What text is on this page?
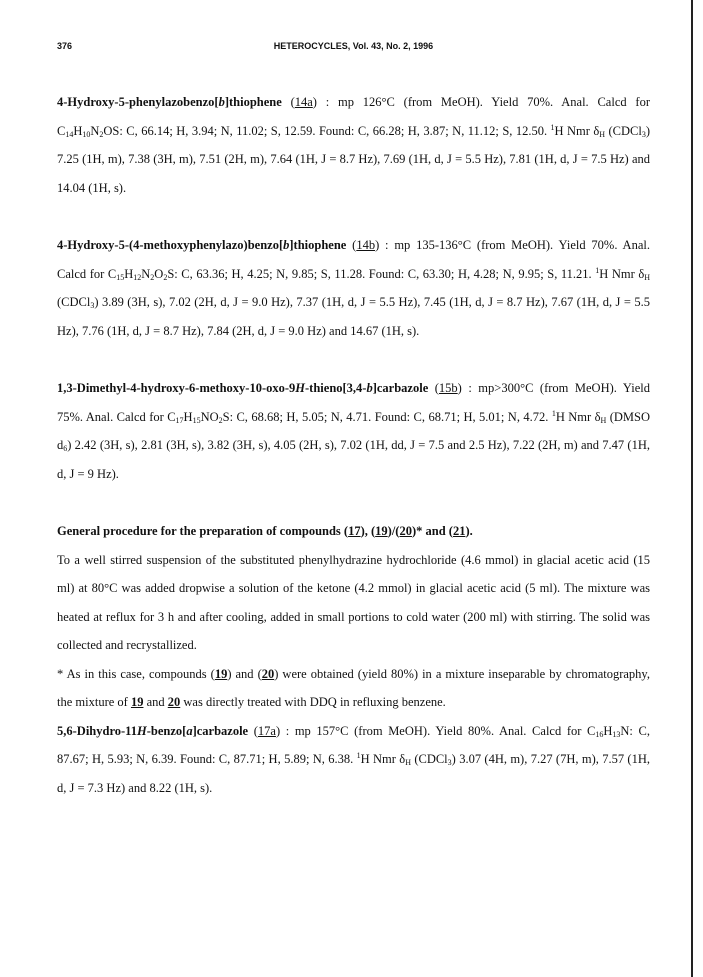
376	HETEROCYCLES, Vol. 43, No. 2, 1996

4-Hydroxy-5-phenylazobenzo[b]thiophene (14a) : mp 126°C (from MeOH). Yield 70%. Anal. Calcd for $C_{14}H_{10}N_2OS$: C, 66.14; H, 3.94; N, 11.02; S, 12.59. Found: C, 66.28; H, 3.87; N, 11.12; S, 12.50. $^1$H Nmr $\delta_H$ (CDCl$_3$) 7.25 (1H, m), 7.38 (3H, m), 7.51 (2H, m), 7.64 (1H, J = 8.7 Hz), 7.69 (1H, d, J = 5.5 Hz), 7.81 (1H, d, J = 7.5 Hz) and 14.04 (1H, s).

4-Hydroxy-5-(4-methoxyphenylazo)benzo[b]thiophene (14b) : mp 135-136°C (from MeOH). Yield 70%. Anal. Calcd for $C_{15}H_{12}N_2O_2S$: C, 63.36; H, 4.25; N, 9.85; S, 11.28. Found: C, 63.30; H, 4.28; N, 9.95; S, 11.21. $^1$H Nmr $\delta_H$ (CDCl$_3$) 3.89 (3H, s), 7.02 (2H, d, J = 9.0 Hz), 7.37 (1H, d, J = 5.5 Hz), 7.45 (1H, d, J = 8.7 Hz), 7.67 (1H, d, J = 5.5 Hz), 7.76 (1H, d, J = 8.7 Hz), 7.84 (2H, d, J = 9.0 Hz) and 14.67 (1H, s).

1,3-Dimethyl-4-hydroxy-6-methoxy-10-oxo-9H-thieno[3,4-b]carbazole (15b) : mp>300°C (from MeOH). Yield 75%. Anal. Calcd for $C_{17}H_{15}NO_2S$: C, 68.68; H, 5.05; N, 4.71. Found: C, 68.71; H, 5.01; N, 4.72. $^1$H Nmr $\delta_H$ (DMSO $d_6$) 2.42 (3H, s), 2.81 (3H, s), 3.82 (3H, s), 4.05 (2H, s), 7.02 (1H, dd, J = 7.5 and 2.5 Hz), 7.22 (2H, m) and 7.47 (1H, d, J = 9 Hz).

General procedure for the preparation of compounds (17), (19)/(20)* and (21).

To a well stirred suspension of the substituted phenylhydrazine hydrochloride (4.6 mmol) in glacial acetic acid (15 ml) at 80°C was added dropwise a solution of the ketone (4.2 mmol) in glacial acetic acid (5 ml). The mixture was heated at reflux for 3 h and after cooling, added in small portions to cold water (200 ml) with stirring. The solid was collected and recrystallized.

* As in this case, compounds (19) and (20) were obtained (yield 80%) in a mixture inseparable by chromatography, the mixture of 19 and 20 was directly treated with DDQ in refluxing benzene.

5,6-Dihydro-11H-benzo[a]carbazole (17a) : mp 157°C (from MeOH). Yield 80%. Anal. Calcd for $C_{16}H_{13}N$: C, 87.67; H, 5.93; N, 6.39. Found: C, 87.71; H, 5.89; N, 6.38. $^1$H Nmr $\delta_H$ (CDCl$_3$) 3.07 (4H, m), 7.27 (7H, m), 7.57 (1H, d, J = 7.3 Hz) and 8.22 (1H, s).
